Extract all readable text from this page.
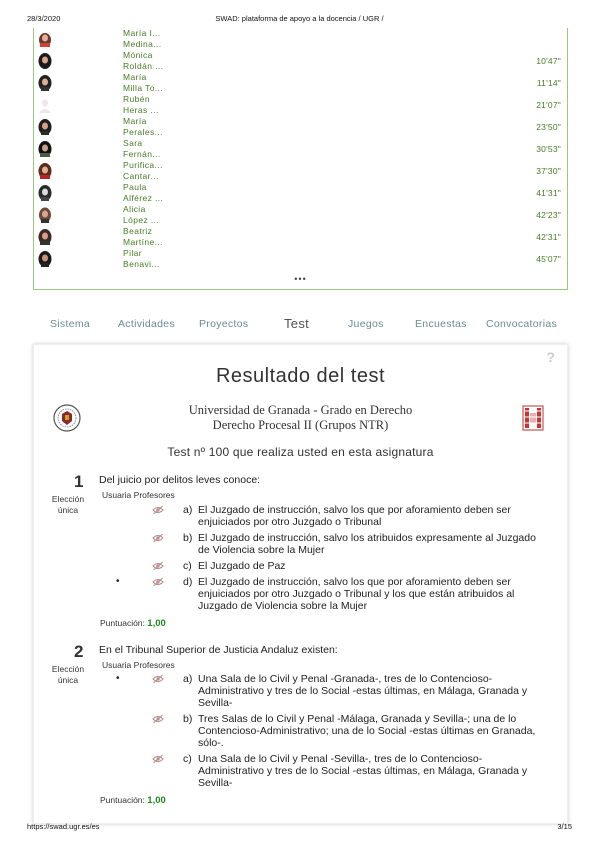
28/3/2020	SWAD: plataforma de apoyo a la docencia / UGR /
María I...
Medina...
Mónica
Roldán ...	10'47"
María
Milla To...	11'14"
Rubén
Heras ...	21'07"
María
Perales...	23'50"
Sara
Fernán...	30'53"
Purifica...
Cantar...	37'30"
Paula
Alférez ...	41'31"
Alicia
López ...	42'23"
Beatriz
Martíne...	42'31"
Pilar
Benavi...	45'07"
•••
Sistema	Actividades Proyectos	Test	Juegos	Encuestas Convocatorias
?
Resultado del test
Universidad de Granada - Grado en Derecho
Derecho Procesal II (Grupos NTR)
Test nº 100 que realiza usted en esta asignatura
1
Elección
única
Del juicio por delitos leves conoce:
Usuaria Profesores
a) El Juzgado de instrucción, salvo los que por aforamiento deben ser enjuiciados por otro Juzgado o Tribunal
b) El Juzgado de instrucción, salvo los atribuidos expresamente al Juzgado de Violencia sobre la Mujer
c) El Juzgado de Paz
•	d) El Juzgado de instrucción, salvo los que por aforamiento deben ser enjuiciados por otro Juzgado o Tribunal y los que están atribuidos al Juzgado de Violencia sobre la Mujer
Puntuación: 1,00
2
Elección
única
En el Tribunal Superior de Justicia Andaluz existen:
Usuaria Profesores
•	a) Una Sala de lo Civil y Penal -Granada-, tres de lo Contencioso-Administrativo y tres de lo Social -estas últimas, en Málaga, Granada y Sevilla-
b) Tres Salas de lo Civil y Penal -Málaga, Granada y Sevilla-; una de lo Contencioso-Administrativo; una de lo Social -estas últimas en Granada, sólo-.
c) Una Sala de lo Civil y Penal -Sevilla-, tres de lo Contencioso-Administrativo y tres de lo Social -estas últimas, en Málaga, Granada y Sevilla-
Puntuación: 1,00
https://swad.ugr.es/es	3/15
